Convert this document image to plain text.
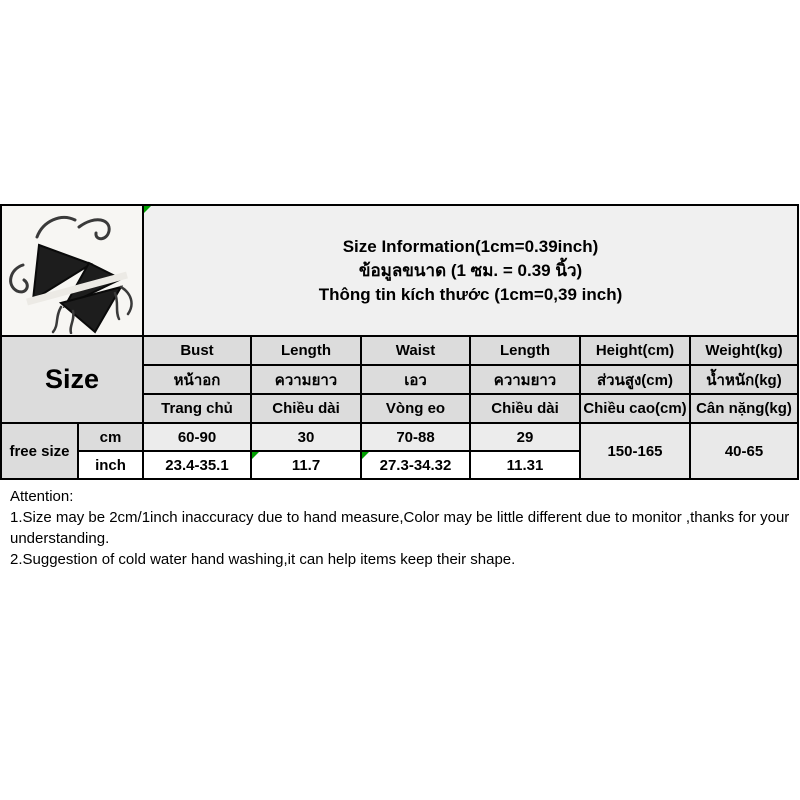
Size Information(1cm=0.39inch)
ข้อมูลขนาด (1 ซม. = 0.39 นิ้ว)
Thông tin kích thước (1cm=0,39 inch)					

Size		Bust	Length	Waist	Length	Height(cm)	Weight(kg)
		หน้าอก	ความยาว	เอว	ความยาว	ส่วนสูง(cm)	น้ำหนัก(kg)
		Trang chủ	Chiều dài	Vòng eo	Chiều dài	Chiều cao(cm)	Cân nặng(kg)
free size	cm	60-90	30	70-88	29	150-165	40-65
	inch	23.4-35.1	11.7	27.3-34.32	11.31		

Attention:

1.Size may be 2cm/1inch inaccuracy due to hand measure,Color may be little different due to monitor ,thanks for your understanding.

2.Suggestion of cold water hand washing,it can help items keep their shape.
